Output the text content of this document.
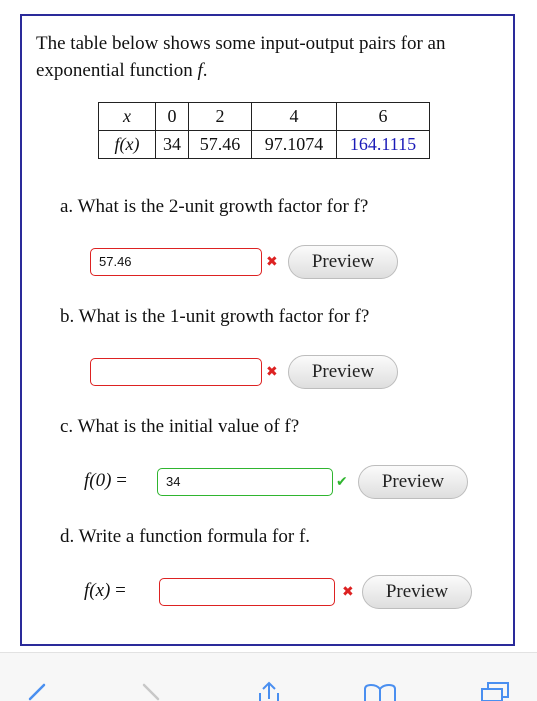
The table below shows some input-output pairs for an
exponential function f.
x	0	2	4	6
f(x)	34	57.46	97.1074	164.1115
a. What is the 2-unit growth factor for f?
57.46	✖	Preview
b. What is the 1-unit growth factor for f?
✖	Preview
c. What is the initial value of f?
f(0) =	34	✔	Preview
d. Write a function formula for f.
f(x) =	✖	Preview
